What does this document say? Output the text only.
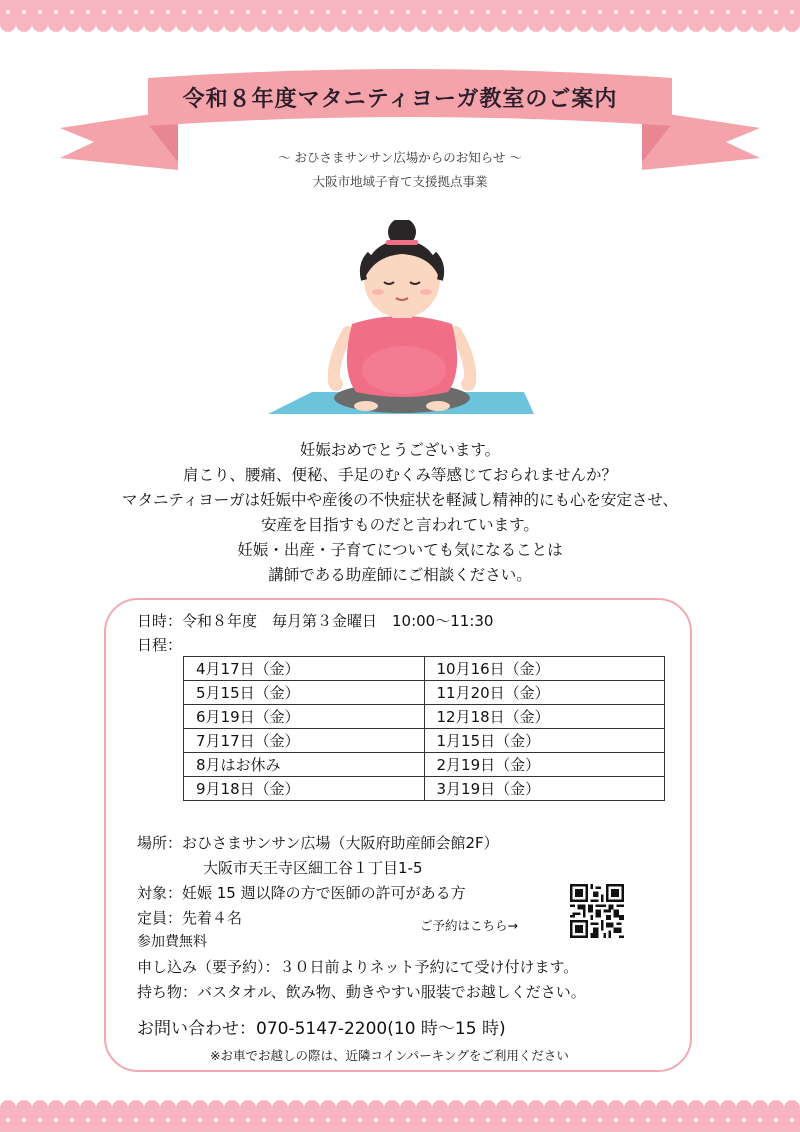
令和８年度マタニティヨーガ教室のご案内
～ おひさまサンサン広場からのお知らせ ～
大阪市地域子育て支援拠点事業
妊娠おめでとうございます。
肩こり、腰痛、便秘、手足のむくみ等感じておられませんか？
マタニティヨーガは妊娠中や産後の不快症状を軽減し精神的にも心を安定させ、
安産を目指すものだと言われています。
妊娠・出産・子育てについても気になることは
講師である助産師にご相談ください。
日時：令和８年度　毎月第３金曜日　10:00～11:30
日程：
4月17日（金）	10月16日（金）
5月15日（金）	11月20日（金）
6月19日（金）	12月18日（金）
7月17日（金）	1月15日（金）
8月はお休み	2月19日（金）
9月18日（金）	3月19日（金）
場所：おひさまサンサン広場（大阪府助産師会館2F）
大阪市天王寺区細工谷１丁目1-5
対象：妊娠 15 週以降の方で医師の許可がある方
定員：先着４名
参加費無料
申し込み（要予約）：３０日前よりネット予約にて受け付けます。
持ち物：バスタオル、飲み物、動きやすい服装でお越しください。
ご予約はこちら→
お問い合わせ：070-5147-2200(10 時～15 時)
※お車でお越しの際は、近隣コインパーキングをご利用ください
